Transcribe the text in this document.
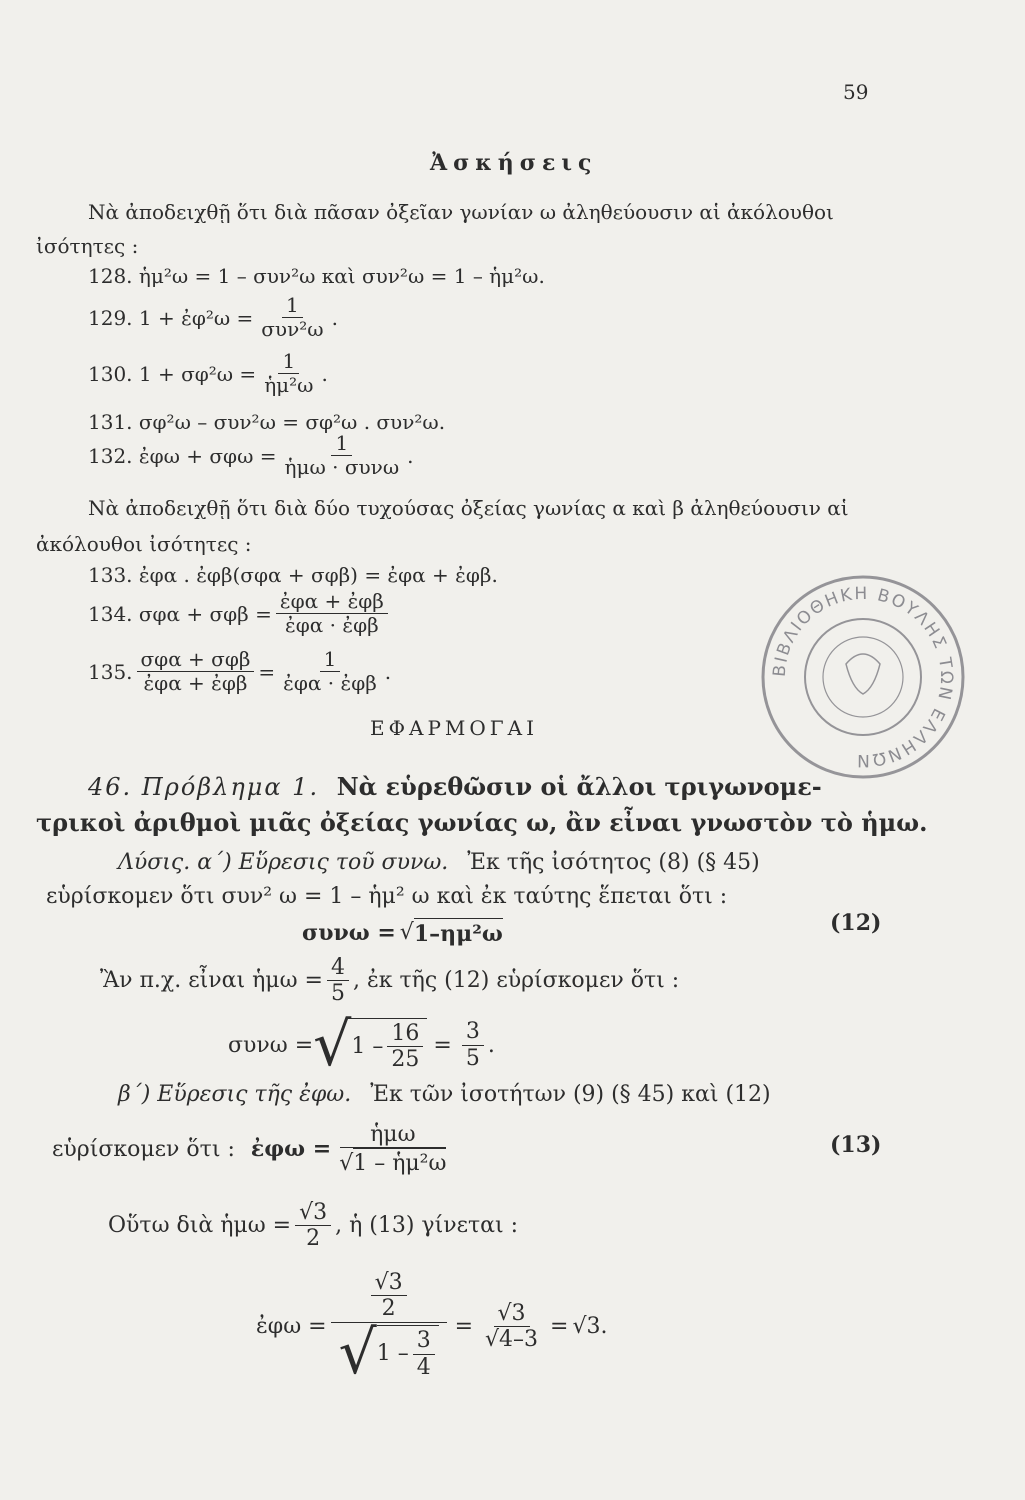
59
Ἀσκήσεις
Νὰ ἀποδειχθῇ ὅτι διὰ πᾶσαν ὀξεῖαν γωνίαν ω ἀληθεύουσιν αἱ ἀκόλουθοι
ἰσότητες :
128. ἡμ²ω = 1 – συν²ω καὶ συν²ω = 1 – ἡμ²ω.
129. 1 + ἐφ²ω = $\frac{1}{\text{συν²ω}}$ .
130. $1 + \sigma\varphi^2\omega = \frac{1}{\text{ἡμ²ω}}$ .
131. σφ²ω – συν²ω = σφ²ω . συν²ω.
132. ἐφω + $\sigma\varphi\omega = \frac{1}{\text{ἡμω · συνω}}$ .
Νὰ ἀποδειχθῇ ὅτι διὰ δύο τυχούσας ὀξείας γωνίας α καὶ β ἀληθεύουσιν αἱ
ἀκόλουθοι ἰσότητες :
133. ἐφα . ἐφβ(σφα + σφβ) = ἐφα + ἐφβ.
134. $\sigma\varphi\alpha + \sigma\varphi\beta = \frac{\text{ἐφα + ἐφβ}}{\text{ἐφα · ἐφβ}}$
135. $\frac{\text{σφα + σφβ}}{\text{ἐφα + ἐφβ}} = \frac{1}{\text{ἐφα · ἐφβ}}$ .
ΕΦΑΡΜΟΓΑΙ
46. Πρόβλημα 1. Νὰ εὑρεθῶσιν οἱ ἄλλοι τριγωνομε-
τρικοὶ ἀριθμοὶ μιᾶς ὀξείας γωνίας ω, ἂν εἶναι γνωστὸν τὸ ἡμω.
Λύσις. α΄) Εὕρεσις τοῦ συνω. Ἐκ τῆς ἰσότητος (8) (§ 45)
εὑρίσκομεν ὅτι συν² ω = 1 – ἡμ² ω καὶ ἐκ ταύτης ἕπεται ὅτι :
συνω = √ 1–ημ²ω	(12)
Ἂν π.χ. εἶναι ἡμω = $\frac{4}{5}$ , ἐκ τῆς (12) εὑρίσκομεν ὅτι :
συνω = √ $1 - \frac{16}{25} = \frac{3}{5}$ .
β΄) Εὕρεσις τῆς ἐφω. Ἐκ τῶν ἰσοτήτων (9) (§ 45) καὶ (12)
εὑρίσκομεν ὅτι : ἐφω = $\frac{\text{ἡμω}}{\text{√1 – ἡμ²ω}}$	(13)
Οὕτω διὰ ἡμω = $\frac{√3}{2}$ , ἡ (13) γίνεται :
ἐφω =
$\frac{√3}{2}$
√ $1 - \frac{3}{4}$
= $\frac{√3}{√4-3} = √3$.
ΒΙΒΛΙΟΘΗΚΗ ΒΟΥΛΗΣ ΤΩΝ ΕΛΛΗΝΩΝ
